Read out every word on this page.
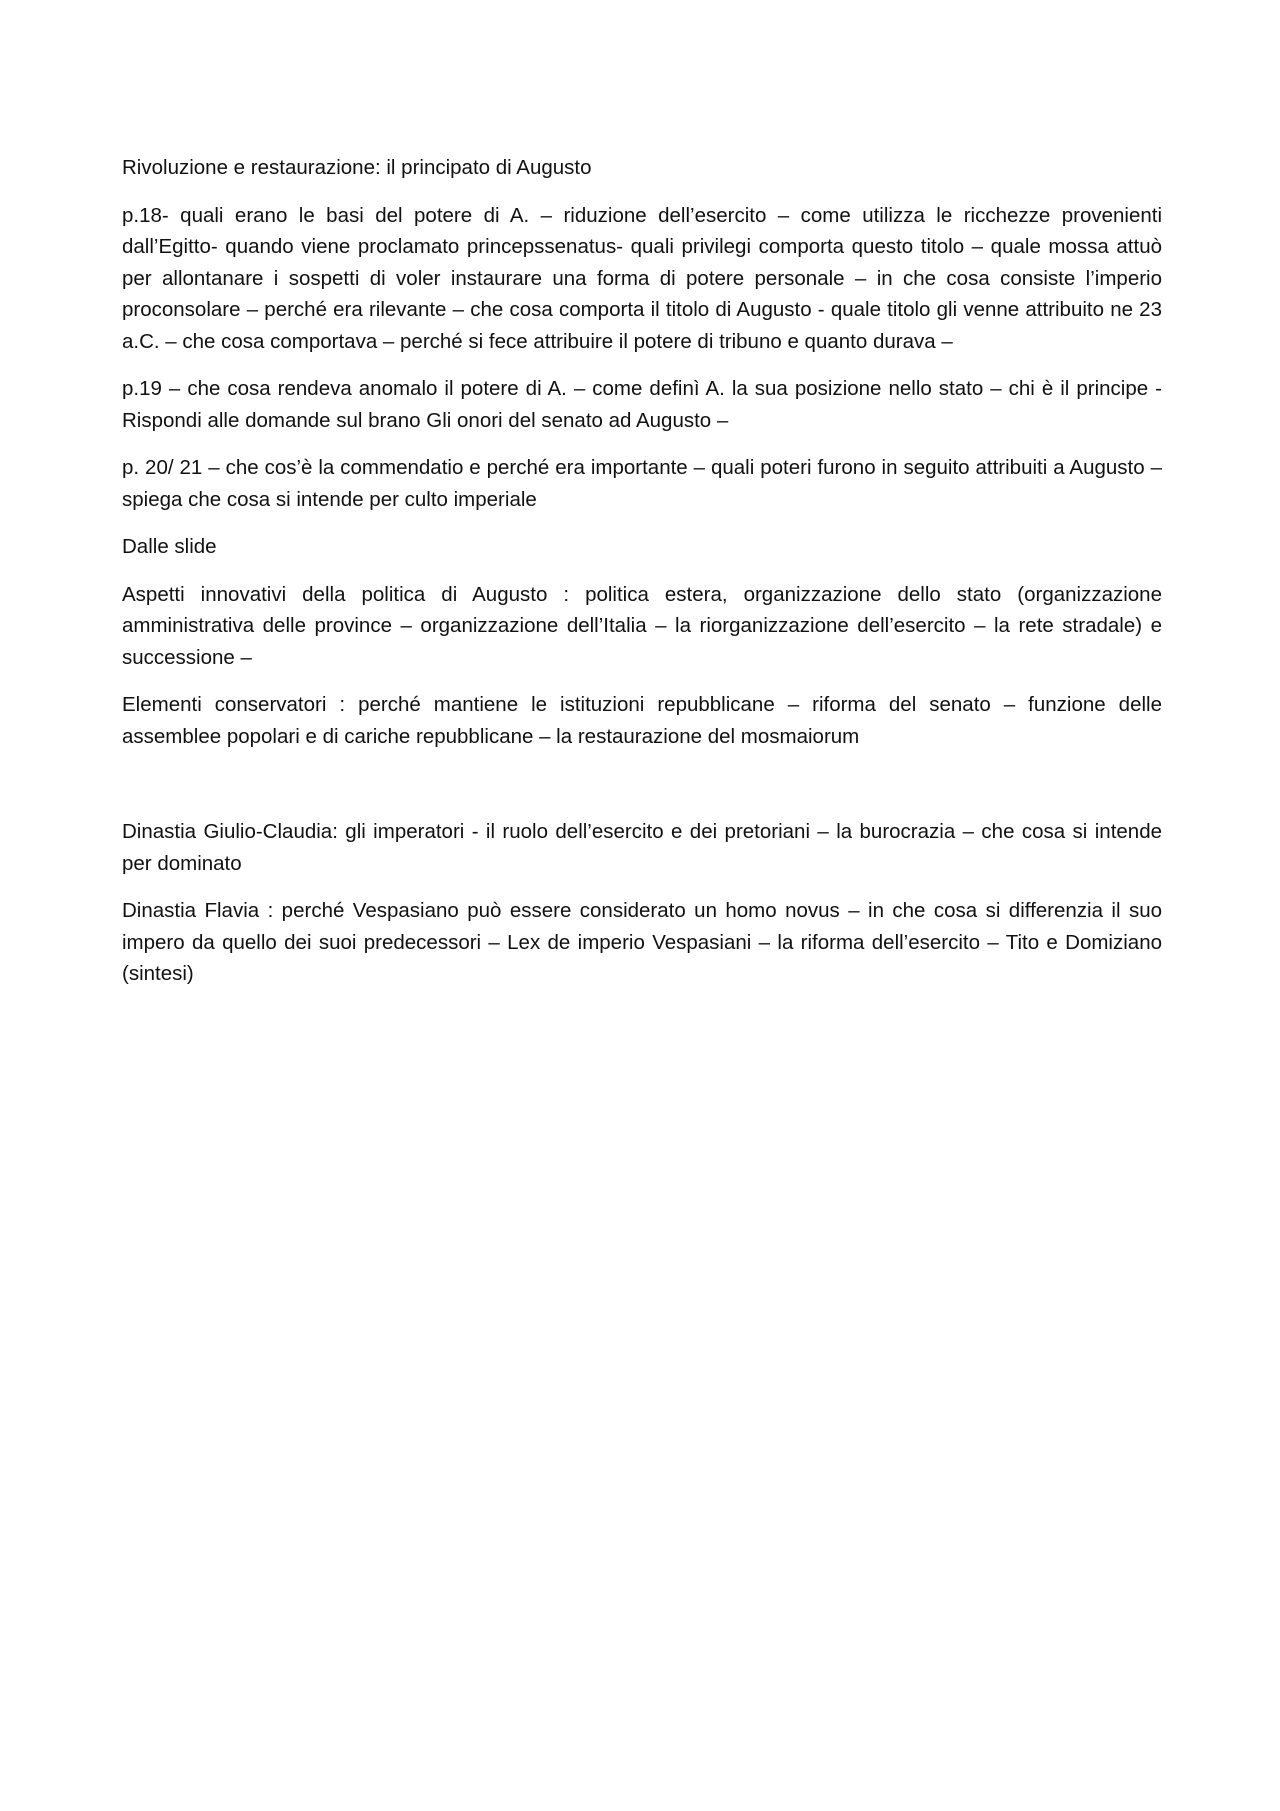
Rivoluzione e restaurazione: il principato di Augusto

p.18- quali erano le basi del potere di A. – riduzione dell’esercito – come utilizza le ricchezze provenienti dall’Egitto- quando viene proclamato princepssenatus- quali privilegi comporta questo titolo – quale mossa attuò per allontanare i sospetti di voler instaurare una forma di potere personale – in che cosa consiste l’imperio proconsolare – perché era rilevante – che cosa comporta il titolo di Augusto - quale titolo gli venne attribuito ne 23 a.C. – che cosa comportava – perché si fece attribuire il potere di tribuno e quanto durava –

p.19 – che cosa rendeva anomalo il potere di A. – come definì A. la sua posizione nello stato – chi è il principe - Rispondi alle domande sul brano Gli onori del senato ad Augusto –

p. 20/ 21 – che cos’è la commendatio e perché era importante – quali poteri furono in seguito attribuiti a Augusto – spiega che cosa si intende per culto imperiale

Dalle slide

Aspetti innovativi della politica di Augusto : politica estera, organizzazione dello stato (organizzazione amministrativa delle province – organizzazione dell’Italia – la riorganizzazione dell’esercito – la rete stradale) e successione –

Elementi conservatori : perché mantiene le istituzioni repubblicane – riforma del senato – funzione delle assemblee popolari e di cariche repubblicane – la restaurazione del mosmaiorum

Dinastia Giulio-Claudia: gli imperatori - il ruolo dell’esercito e dei pretoriani – la burocrazia – che cosa si intende per dominato

Dinastia Flavia : perché Vespasiano può essere considerato un homo novus – in che cosa si differenzia il suo impero da quello dei suoi predecessori – Lex de imperio Vespasiani – la riforma dell’esercito – Tito e Domiziano (sintesi)
